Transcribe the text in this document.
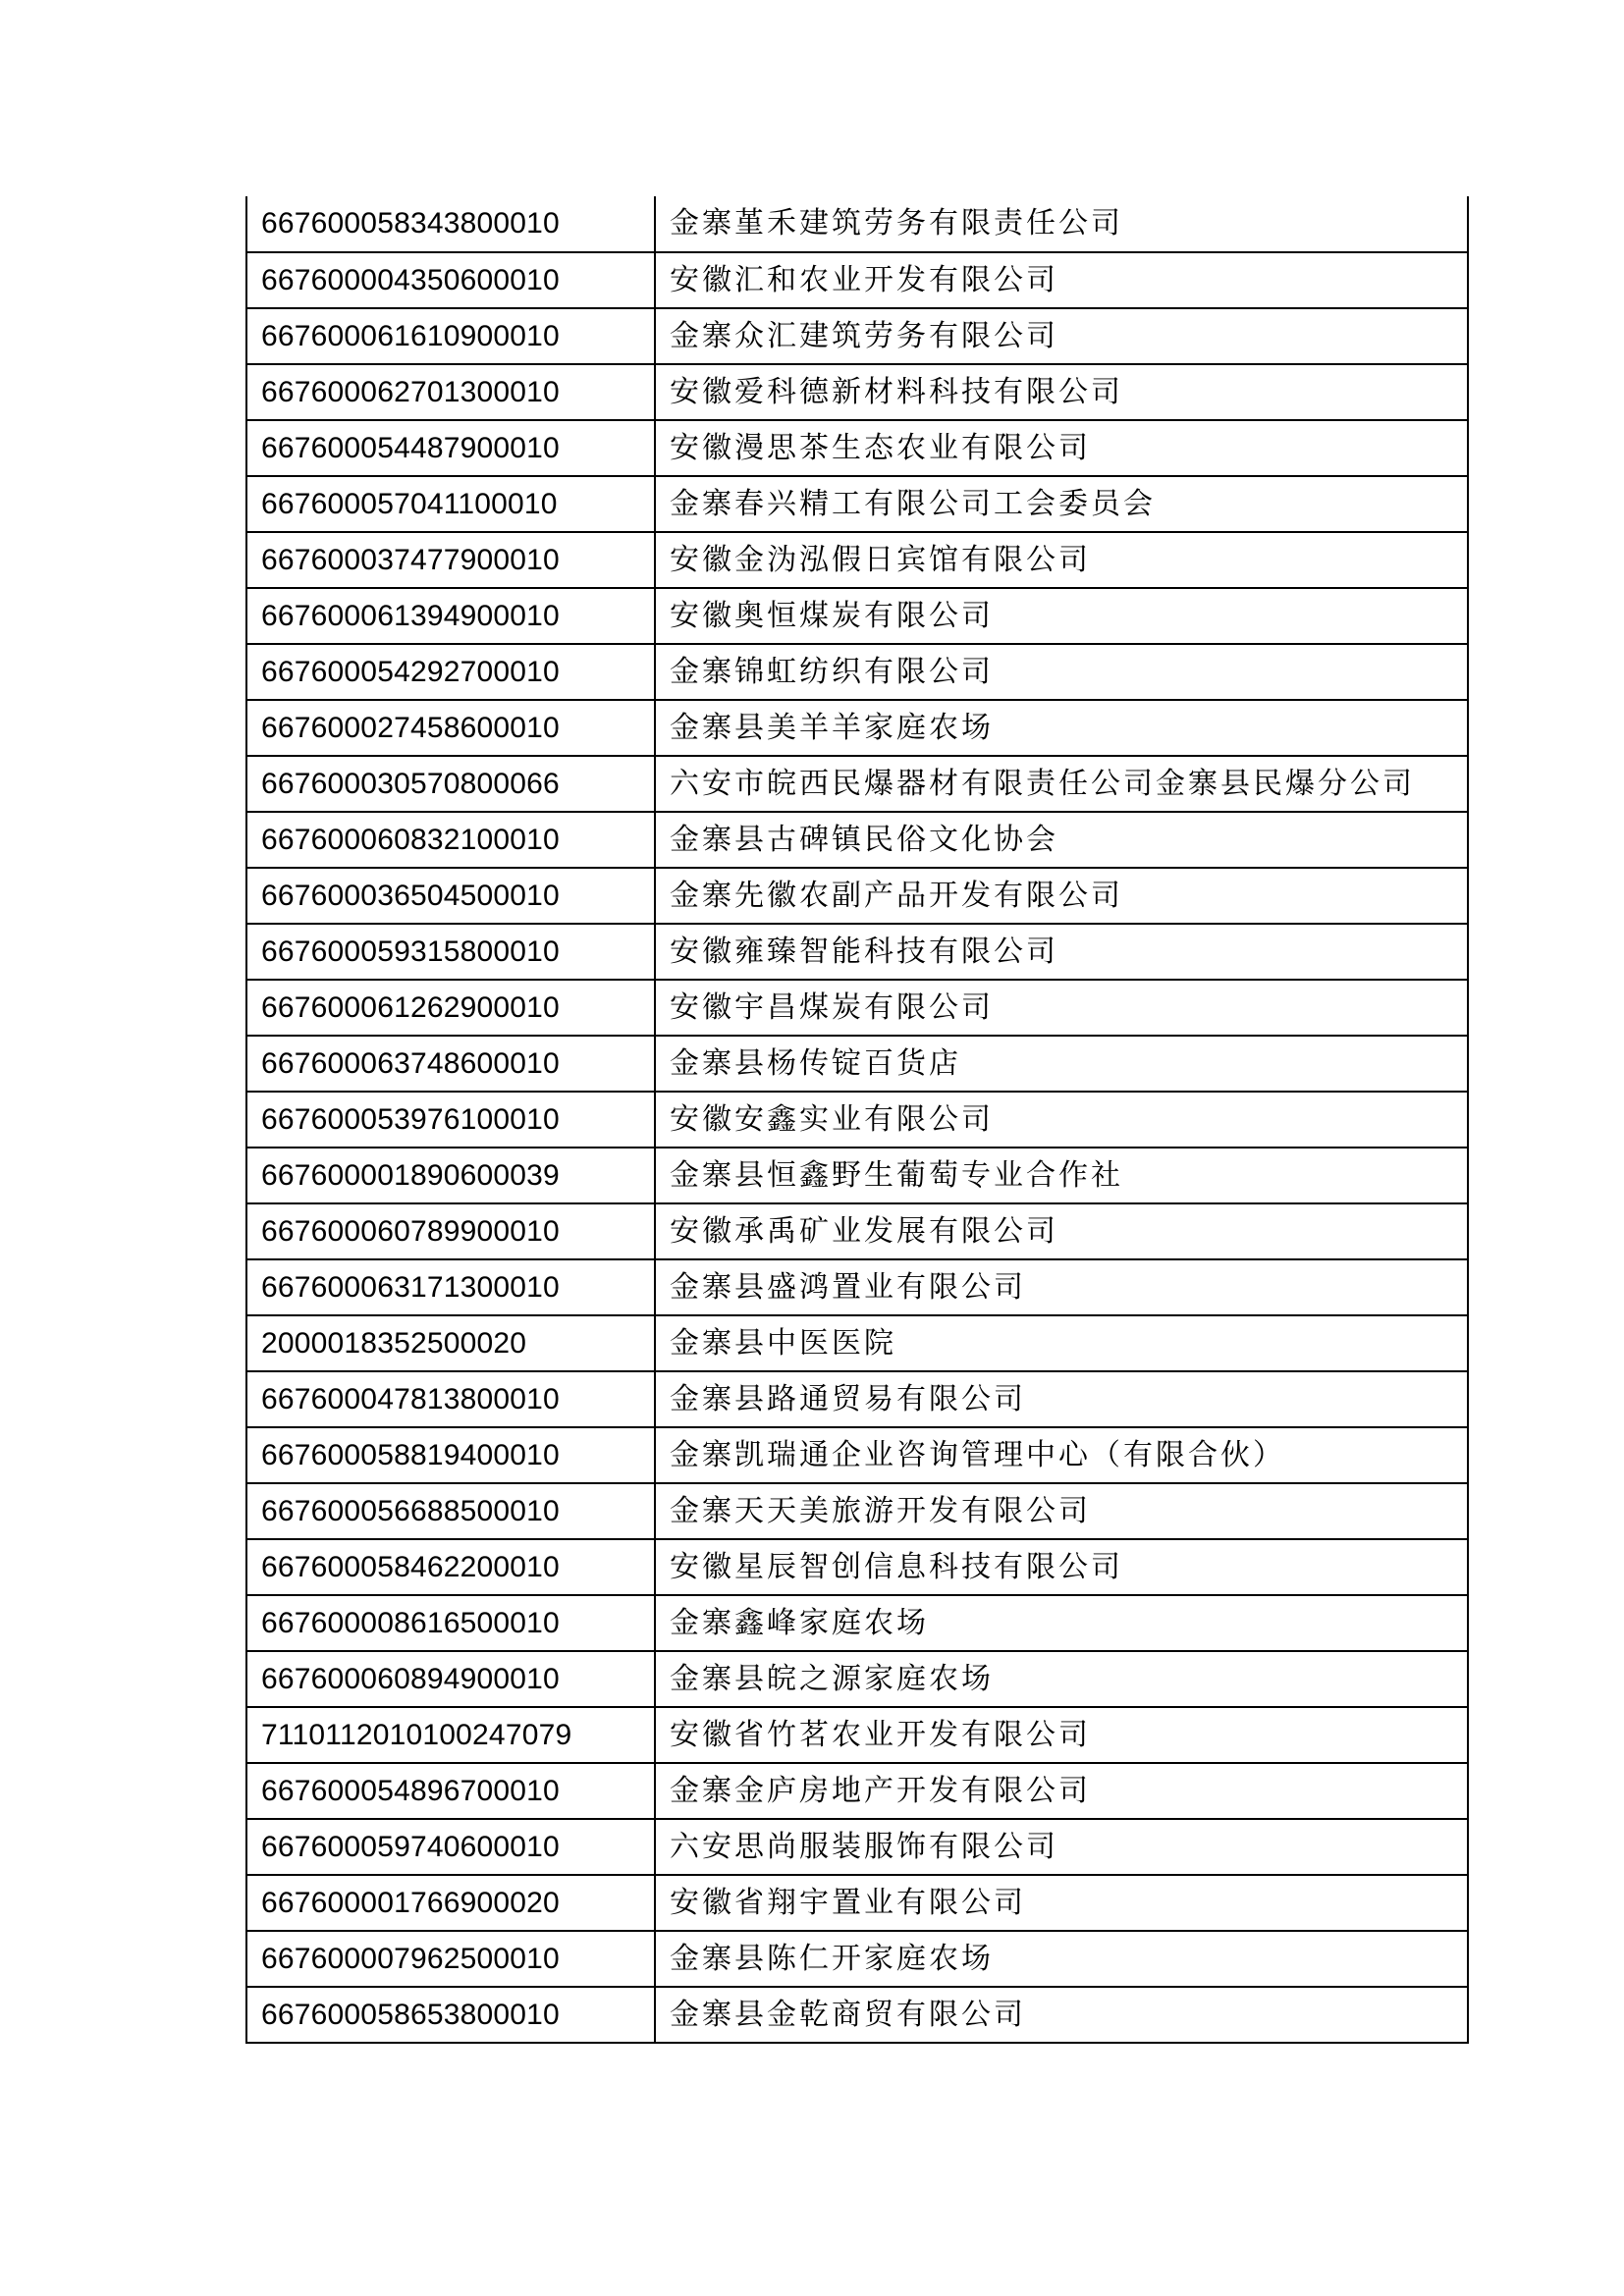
667600058343800010	金寨堇禾建筑劳务有限责任公司
667600004350600010	安徽汇和农业开发有限公司
667600061610900010	金寨众汇建筑劳务有限公司
667600062701300010	安徽爱科德新材料科技有限公司
667600054487900010	安徽漫思茶生态农业有限公司
667600057041100010	金寨春兴精工有限公司工会委员会
667600037477900010	安徽金沩泓假日宾馆有限公司
667600061394900010	安徽奥恒煤炭有限公司
667600054292700010	金寨锦虹纺织有限公司
667600027458600010	金寨县美羊羊家庭农场
667600030570800066	六安市皖西民爆器材有限责任公司金寨县民爆分公司
667600060832100010	金寨县古碑镇民俗文化协会
667600036504500010	金寨先徽农副产品开发有限公司
667600059315800010	安徽雍臻智能科技有限公司
667600061262900010	安徽宇昌煤炭有限公司
667600063748600010	金寨县杨传锭百货店
667600053976100010	安徽安鑫实业有限公司
667600001890600039	金寨县恒鑫野生葡萄专业合作社
667600060789900010	安徽承禹矿业发展有限公司
667600063171300010	金寨县盛鸿置业有限公司
2000018352500020	金寨县中医医院
667600047813800010	金寨县路通贸易有限公司
667600058819400010	金寨凯瑞通企业咨询管理中心（有限合伙）
667600056688500010	金寨天天美旅游开发有限公司
667600058462200010	安徽星辰智创信息科技有限公司
667600008616500010	金寨鑫峰家庭农场
667600060894900010	金寨县皖之源家庭农场
7110112010100247079	安徽省竹茗农业开发有限公司
667600054896700010	金寨金庐房地产开发有限公司
667600059740600010	六安思尚服装服饰有限公司
667600001766900020	安徽省翔宇置业有限公司
667600007962500010	金寨县陈仁开家庭农场
667600058653800010	金寨县金乾商贸有限公司
